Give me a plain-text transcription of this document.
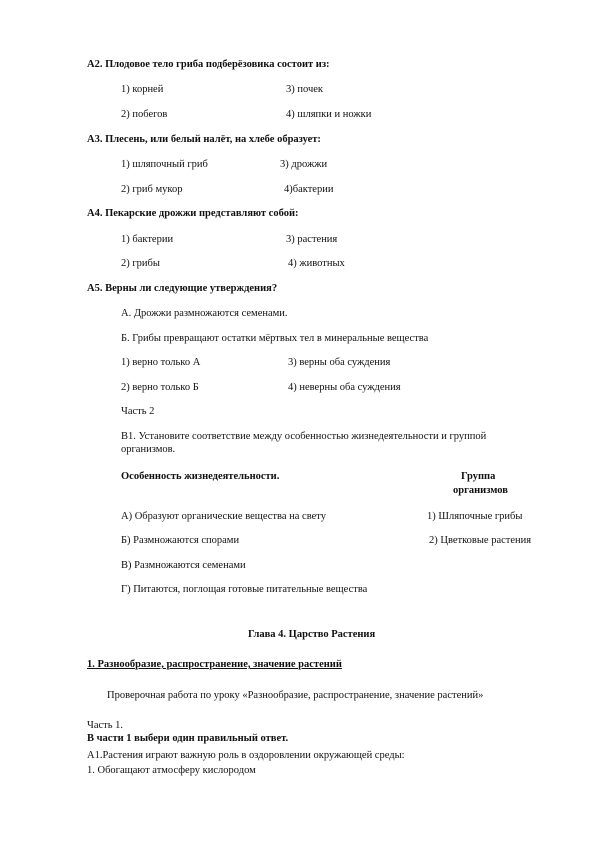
А2. Плодовое тело гриба подберёзовика состоит из:
1) корней	3) почек
2) побегов	4) шляпки и ножки
А3. Плесень, или белый налёт, на хлебе образует:
1) шляпочный гриб	3) дрожжи
2) гриб мукор	4)бактерии
А4. Пекарские дрожжи представляют собой:
1) бактерии	3) растения
2) грибы	4) животных
А5. Верны ли следующие утверждения?
А. Дрожжи размножаются семенами.
Б. Грибы превращают остатки мёртвых тел в минеральные вещества
1) верно только А	3) верны оба суждения
2) верно только Б	4) неверны оба суждения
Часть 2
В1. Установите соответствие между особенностью жизнедеятельности и группой
организмов.
Особенность жизнедеятельности.	Группа
организмов
А) Образуют органические вещества на свету	1) Шляпочные грибы
Б) Размножаются спорами	2) Цветковые растения
В) Размножаются семенами
Г) Питаются, поглощая готовые питательные вещества
Глава 4. Царство Растения
1. Разнообразие, распространение, значение растений
Проверочная работа по уроку «Разнообразие, распространение, значение растений»
Часть 1.
В части 1 выбери один правильный ответ.
А1.Растения играют важную роль в оздоровлении окружающей среды:
1. Обогащают атмосферу кислородом
